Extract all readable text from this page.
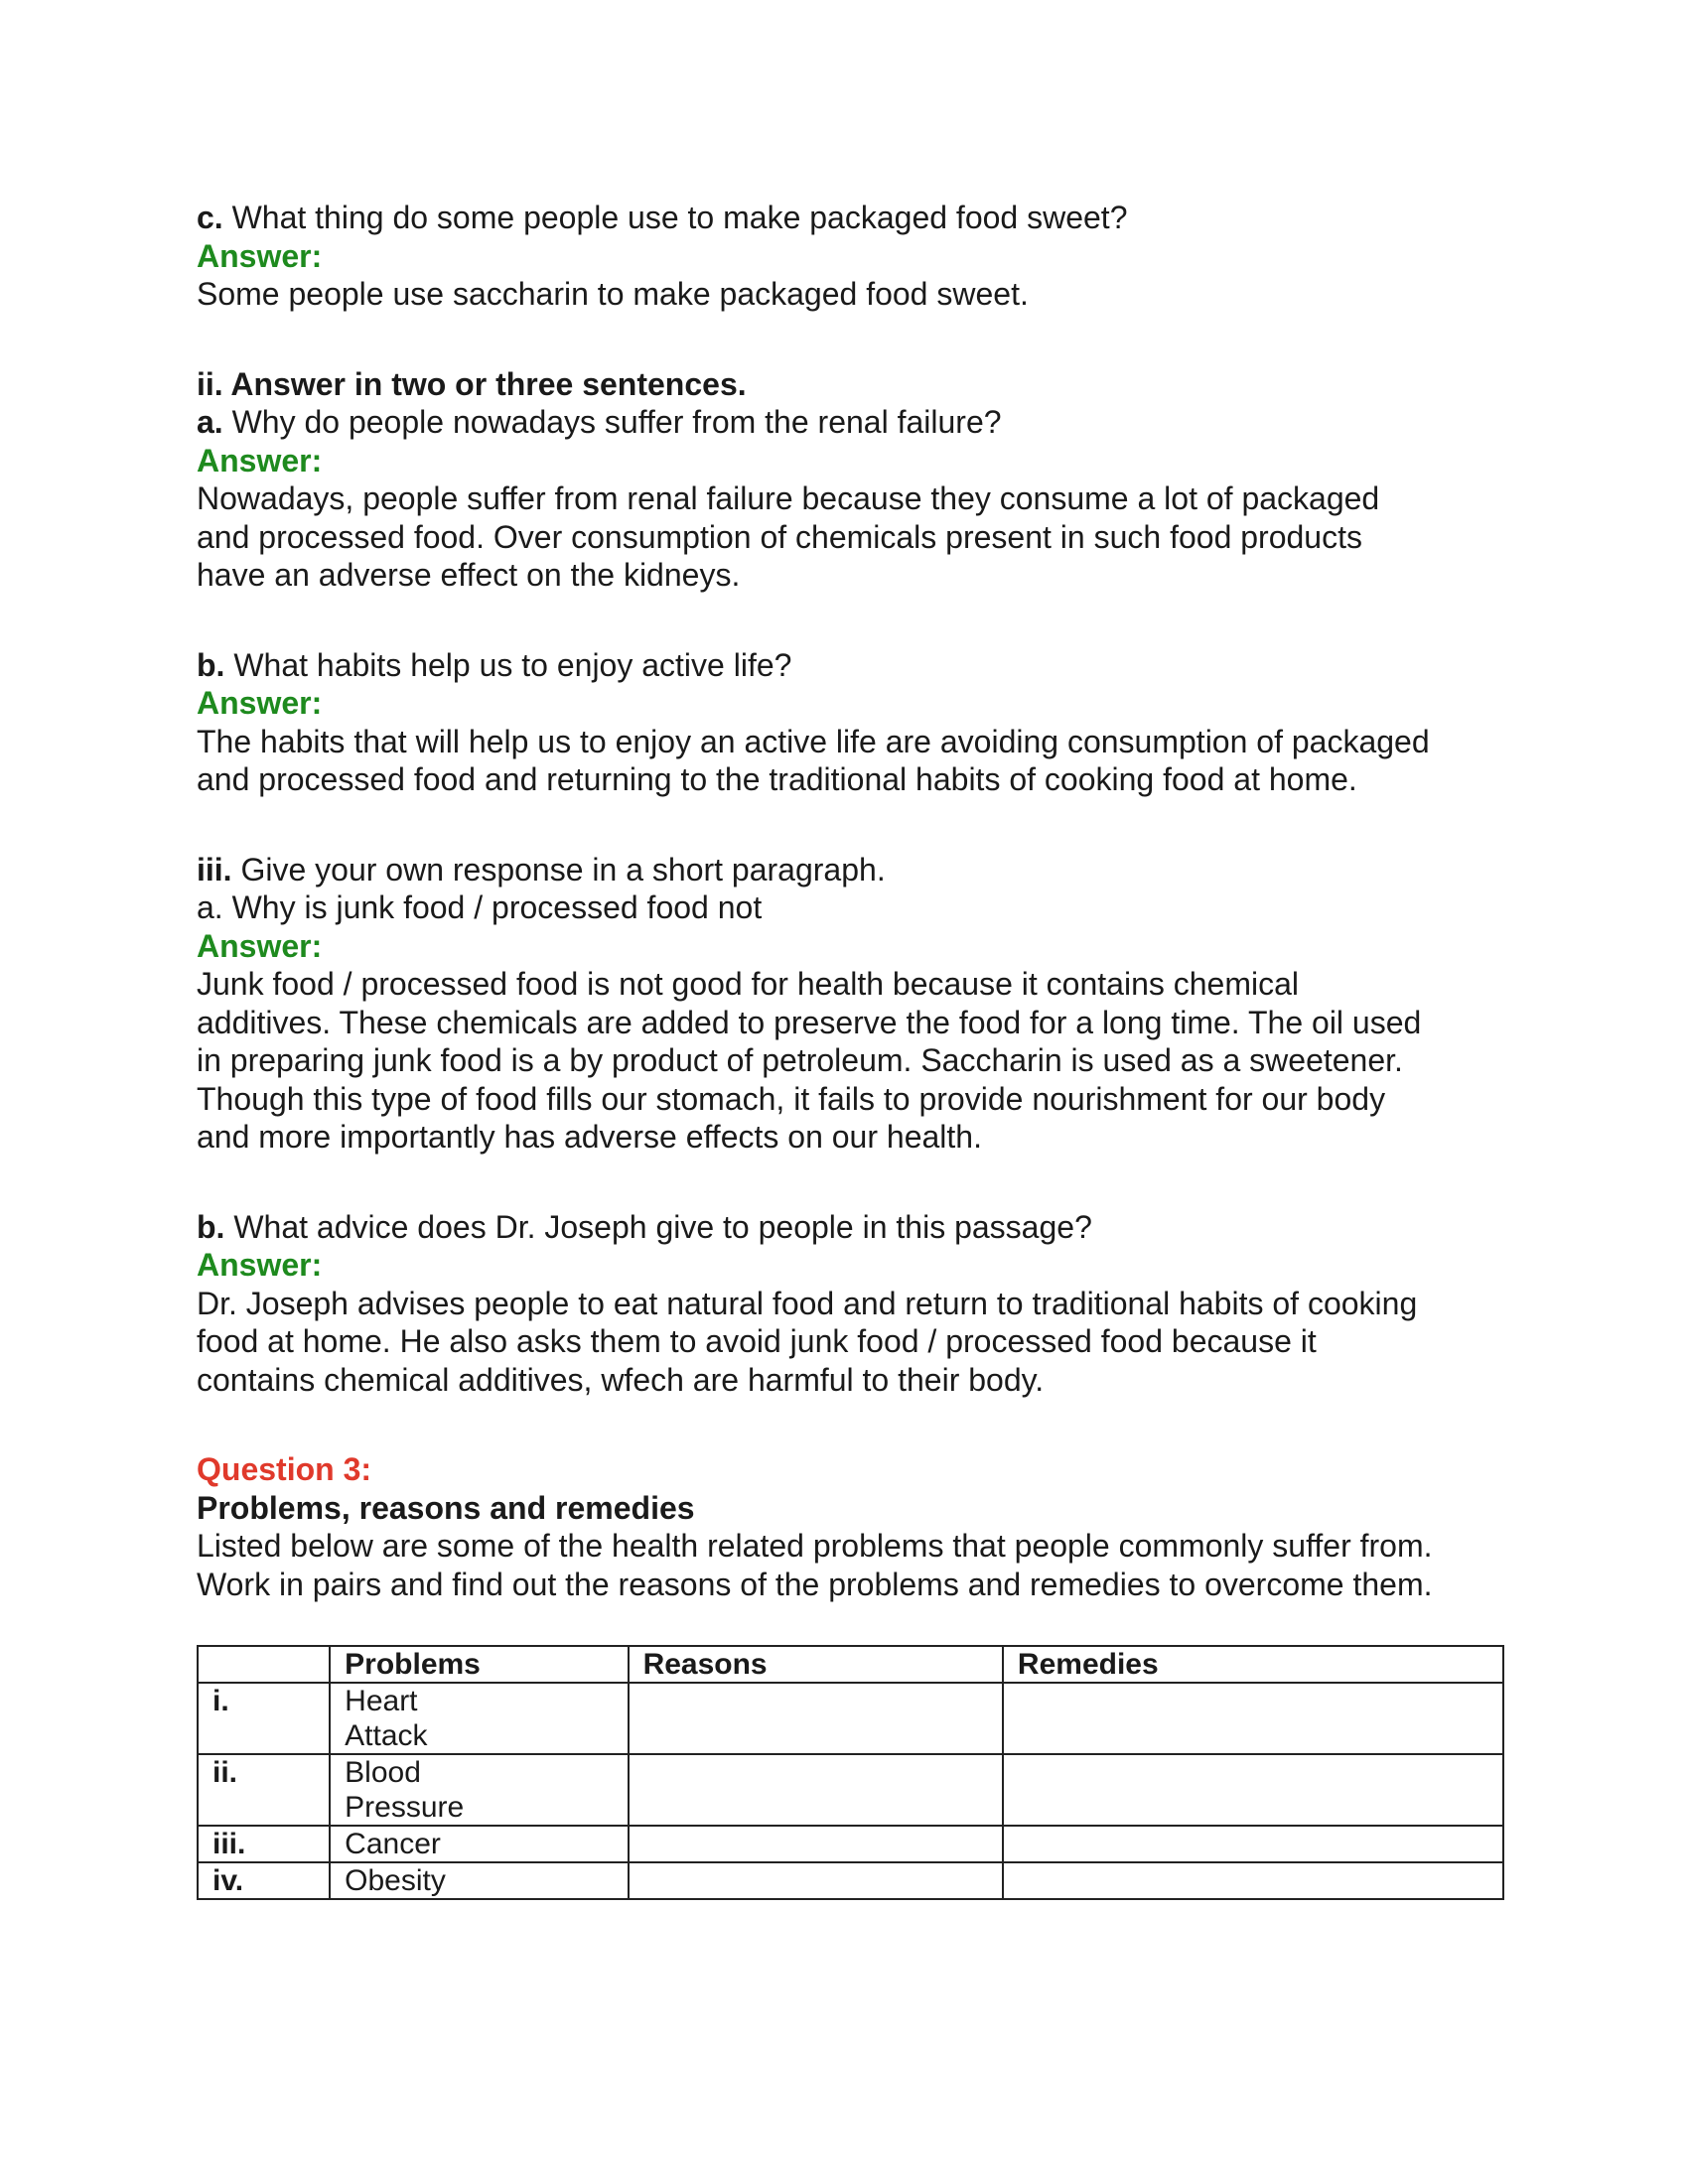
c. What thing do some people use to make packaged food sweet?

Answer:

Some people use saccharin to make packaged food sweet.

ii. Answer in two or three sentences.

a. Why do people nowadays suffer from the renal failure?

Answer:

Nowadays, people suffer from renal failure because they consume a lot of packaged

and processed food. Over consumption of chemicals present in such food products

have an adverse effect on the kidneys.

b. What habits help us to enjoy active life?

Answer:

The habits that will help us to enjoy an active life are avoiding consumption of packaged

and processed food and returning to the traditional habits of cooking food at home.

iii. Give your own response in a short paragraph.

a. Why is junk food / processed food not

Answer:

Junk food / processed food is not good for health because it contains chemical

additives. These chemicals are added to preserve the food for a long time. The oil used

in preparing junk food is a by product of petroleum. Saccharin is used as a sweetener.

Though this type of food fills our stomach, it fails to provide nourishment for our body

and more importantly has adverse effects on our health.

b. What advice does Dr. Joseph give to people in this passage?

Answer:

Dr. Joseph advises people to eat natural food and return to traditional habits of cooking

food at home. He also asks them to avoid junk food / processed food because it

contains chemical additives, wfech are harmful to their body.

Question 3:

Problems, reasons and remedies

Listed below are some of the health related problems that people commonly suffer from.

Work in pairs and find out the reasons of the problems and remedies to overcome them.

	Problems	Reasons	Remedies
i.	Heart
Attack		

ii.	Blood
Pressure		

iii.	Cancer		

iv.	Obesity		
